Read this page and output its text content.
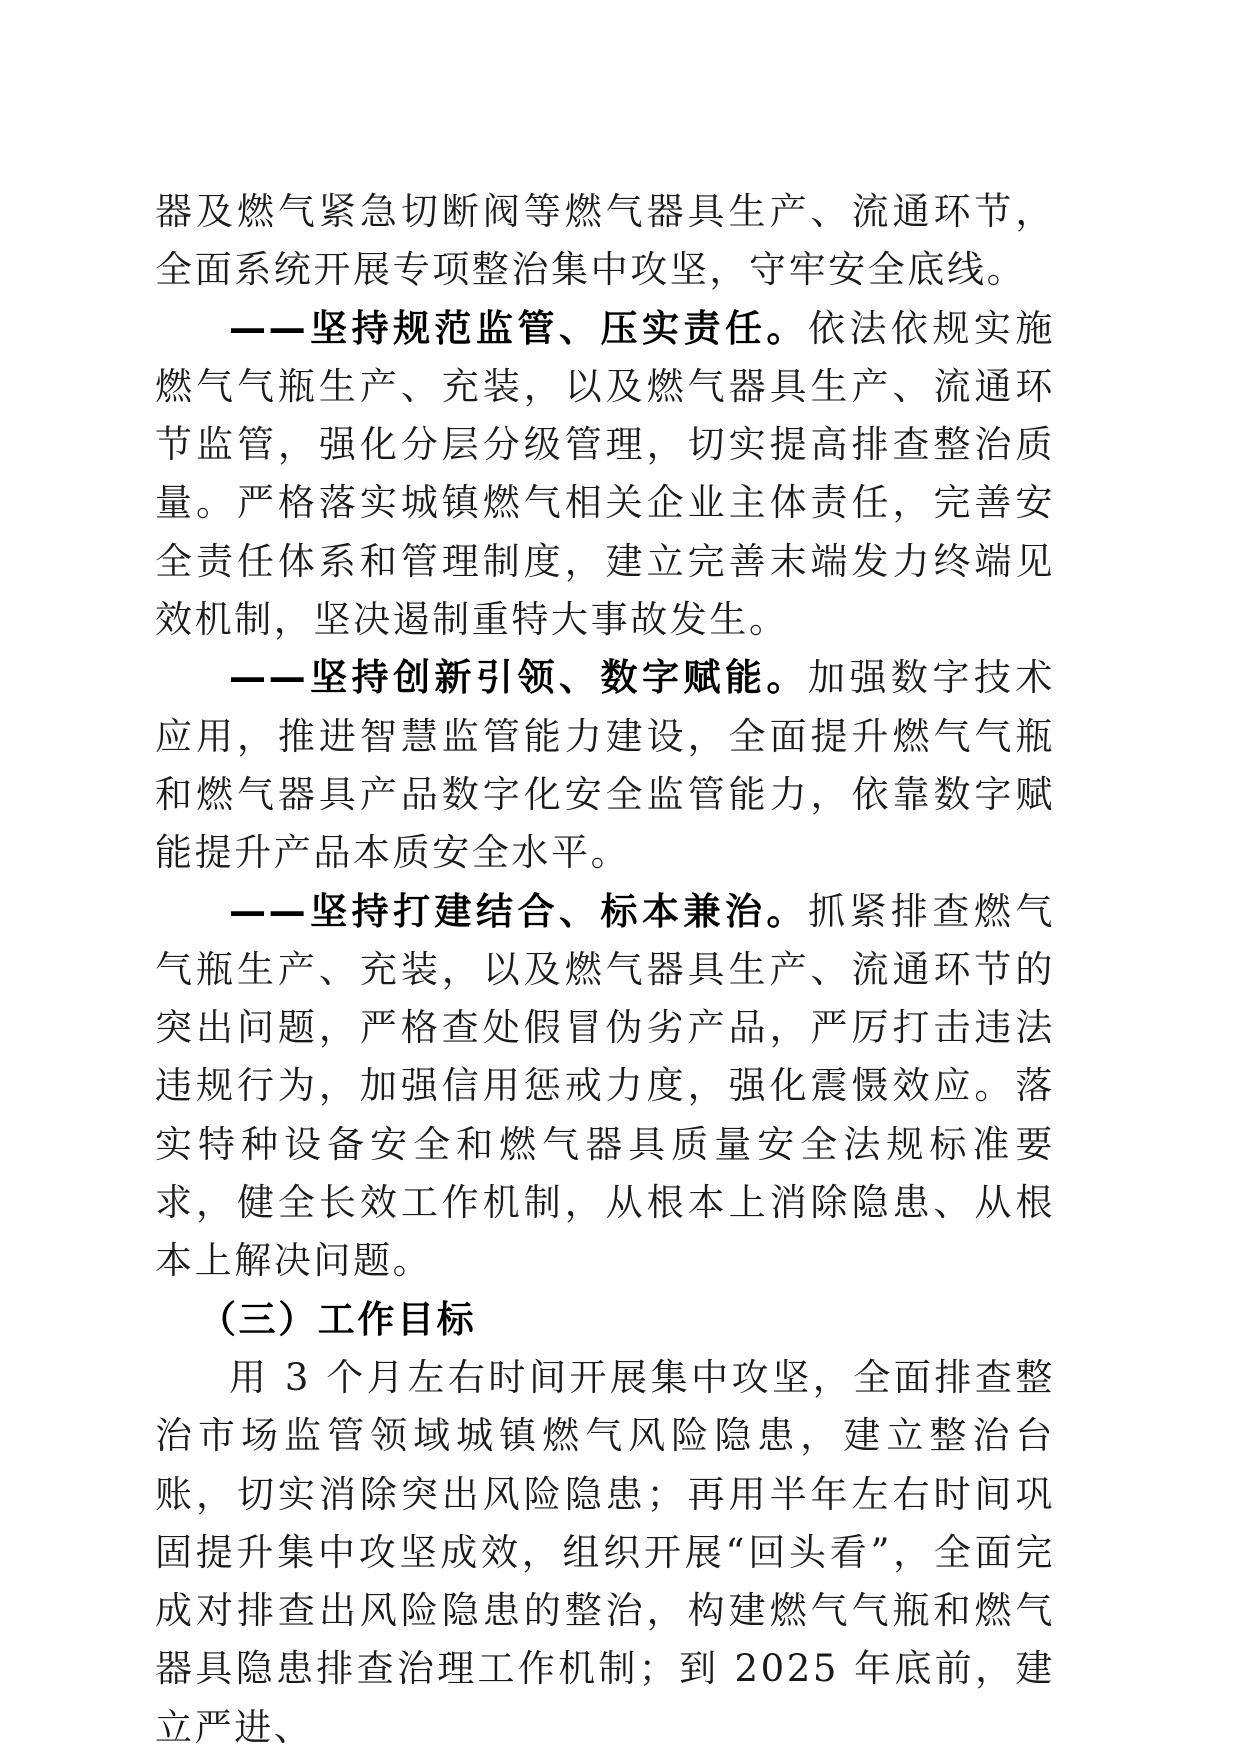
器及燃气紧急切断阀等燃气器具生产、流通环节，全面系统开展专项整治集中攻坚，守牢安全底线。

——坚持规范监管、压实责任。依法依规实施燃气气瓶生产、充装，以及燃气器具生产、流通环节监管，强化分层分级管理，切实提高排查整治质量。严格落实城镇燃气相关企业主体责任，完善安全责任体系和管理制度，建立完善末端发力终端见效机制，坚决遏制重特大事故发生。

——坚持创新引领、数字赋能。加强数字技术应用，推进智慧监管能力建设，全面提升燃气气瓶和燃气器具产品数字化安全监管能力，依靠数字赋能提升产品本质安全水平。

——坚持打建结合、标本兼治。抓紧排查燃气气瓶生产、充装，以及燃气器具生产、流通环节的突出问题，严格查处假冒伪劣产品，严厉打击违法违规行为，加强信用惩戒力度，强化震慑效应。落实特种设备安全和燃气器具质量安全法规标准要求，健全长效工作机制，从根本上消除隐患、从根本上解决问题。

（三）工作目标

用 3 个月左右时间开展集中攻坚，全面排查整治市场监管领域城镇燃气风险隐患，建立整治台账，切实消除突出风险隐患；再用半年左右时间巩固提升集中攻坚成效，组织开展“回头看”，全面完成对排查出风险隐患的整治，构建燃气气瓶和燃气器具隐患排查治理工作机制；到 2025 年底前，建立严进、
